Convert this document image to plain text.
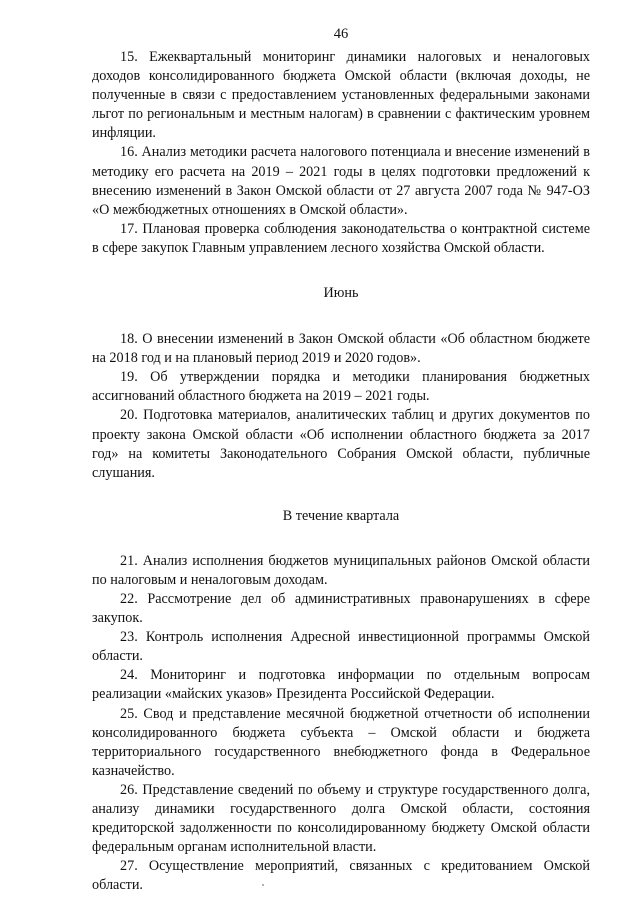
46

15. Ежеквартальный мониторинг динамики налоговых и неналоговых доходов консолидированного бюджета Омской области (включая доходы, не полученные в связи с предоставлением установленных федеральными законами льгот по региональным и местным налогам) в сравнении с фактическим уровнем инфляции.

16. Анализ методики расчета налогового потенциала и внесение изменений в методику его расчета на 2019 – 2021 годы в целях подготовки предложений к внесению изменений в Закон Омской области от 27 августа 2007 года № 947-ОЗ «О межбюджетных отношениях в Омской области».

17. Плановая проверка соблюдения законодательства о контрактной системе в сфере закупок Главным управлением лесного хозяйства Омской области.

Июнь

18. О внесении изменений в Закон Омской области «Об областном бюджете на 2018 год и на плановый период 2019 и 2020 годов».

19. Об утверждении порядка и методики планирования бюджетных ассигнований областного бюджета на 2019 – 2021 годы.

20. Подготовка материалов, аналитических таблиц и других документов по проекту закона Омской области «Об исполнении областного бюджета за 2017 год» на комитеты Законодательного Собрания Омской области, публичные слушания.

В течение квартала

21. Анализ исполнения бюджетов муниципальных районов Омской области по налоговым и неналоговым доходам.

22. Рассмотрение дел об административных правонарушениях в сфере закупок.

23. Контроль исполнения Адресной инвестиционной программы Омской области.

24. Мониторинг и подготовка информации по отдельным вопросам реализации «майских указов» Президента Российской Федерации.

25. Свод и представление месячной бюджетной отчетности об исполнении консолидированного бюджета субъекта – Омской области и бюджета территориального государственного внебюджетного фонда в Федеральное казначейство.

26. Представление сведений по объему и структуре государственного долга, анализу динамики государственного долга Омской области, состояния кредиторской задолженности по консолидированному бюджету Омской области федеральным органам исполнительной власти.

27. Осуществление мероприятий, связанных с кредитованием Омской области.
